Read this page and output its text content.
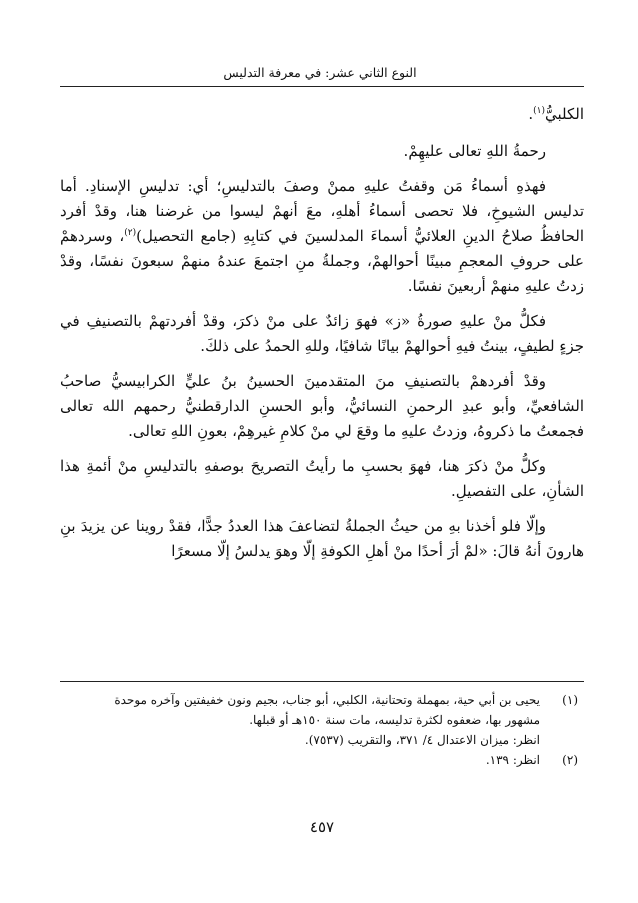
النوع الثاني عشر: في معرفة التدليس

الكلبيُّ$^{(١)}$.

رحمةُ اللهِ تعالى عليهِمْ.

فهذهِ أسماءُ مَن وقفتُ عليهِ ممنْ وصفَ بالتدليسِ؛ أي: تدليسِ الإسنادِ. أما تدليس الشيوخِ، فلا تحصى أسماءُ أهلهِ، معَ أنهمْ ليسوا من غرضنا هنا، وقدْ أفرد الحافظُ صلاحُ الدينِ العلائيُّ أسماءَ المدلسينَ في كتابِهِ (جامع التحصيل)$^{(٢)}$، وسردهمْ على حروفِ المعجمِ مبينًا أحوالهمْ، وجملةُ منِ اجتمعَ عندهُ منهمْ سبعونَ نفسًا، وقدْ زدتُ عليهِ منهمْ أربعينَ نفسًا.

فكلُّ منْ عليهِ صورةُ «ز» فهوَ زائدٌ على منْ ذكرَ، وقدْ أفردتهمْ بالتصنيفِ في جزءٍ لطيفٍ، بينتُ فيهِ أحوالهمْ بيانًا شافيًا، وللهِ الحمدُ على ذلكَ.

وقدْ أفردهمْ بالتصنيفِ منَ المتقدمينَ الحسينُ بنُ عليٍّ الكرابيسيُّ صاحبُ الشافعيِّ، وأبو عبدِ الرحمنِ النسائيُّ، وأبو الحسنِ الدارقطنيُّ رحمهم الله تعالى فجمعتُ ما ذكروهُ، وزدتُ عليهِ ما وقعَ لي منْ كلامِ غيرهِمْ، بعونِ اللهِ تعالى.

وكلُّ منْ ذكرَ هنا، فهوَ بحسبِ ما رأيتُ التصريحَ بوصفهِ بالتدليسِ منْ أئمةِ هذا الشأنِ، على التفصيلِ.

وإلّا فلو أخذنا بهِ من حيثُ الجملةُ لتضاعفَ هذا العددُ جدًّا، فقدْ روينا عن يزيدَ بنِ هارونَ أنهُ قالَ: «لمْ أرَ أحدًا منْ أهلِ الكوفةِ إلّا وهوَ يدلسُ إلّا مسعرًا

(١)
يحيى بن أبي حية، بمهملة وتحتانية، الكلبي، أبو جناب، بجيم ونون خفيفتين وآخره موحدة
مشهور بها، ضعفوه لكثرة تدليسه، مات سنة ١٥٠هـ أو قبلها.
انظر: ميزان الاعتدال ٤/ ٣٧١، والتقريب (٧٥٣٧).
(٢)
انظر: ١٣٩.
٤٥٧
